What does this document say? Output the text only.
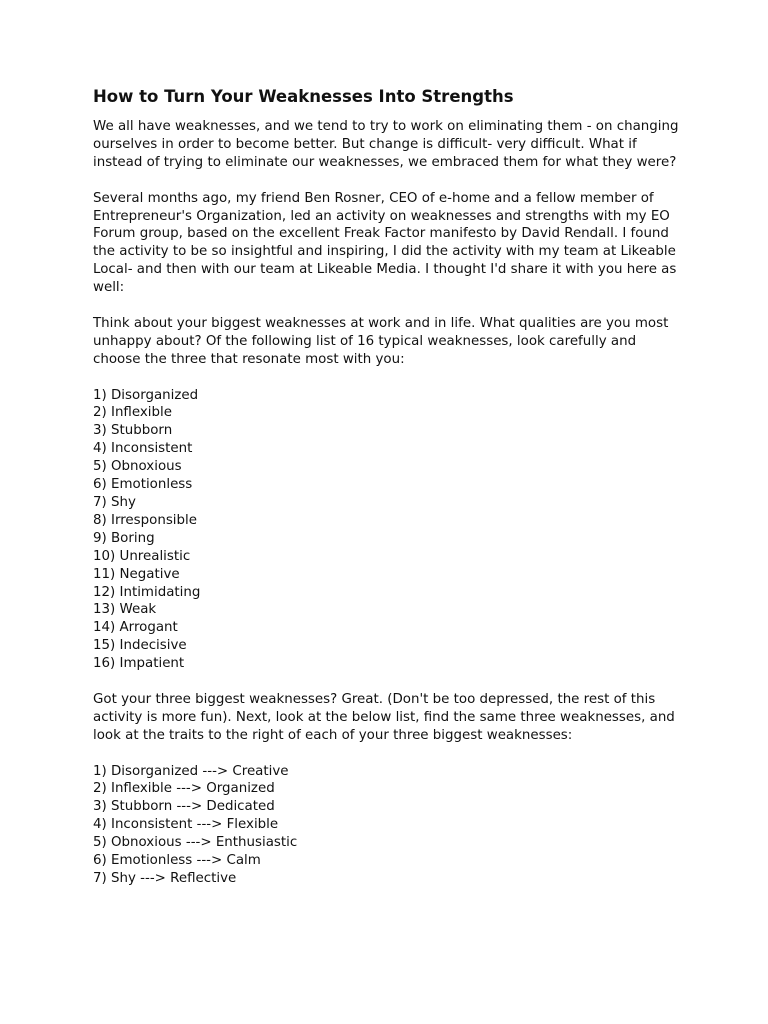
How to Turn Your Weaknesses Into Strengths

We all have weaknesses, and we tend to try to work on eliminating them - on changing ourselves in order to become better. But change is difficult- very difficult. What if instead of trying to eliminate our weaknesses, we embraced them for what they were?

Several months ago, my friend Ben Rosner, CEO of e-home and a fellow member of Entrepreneur's Organization, led an activity on weaknesses and strengths with my EO Forum group, based on the excellent Freak Factor manifesto by David Rendall. I found the activity to be so insightful and inspiring, I did the activity with my team at Likeable Local- and then with our team at Likeable Media. I thought I'd share it with you here as well:

Think about your biggest weaknesses at work and in life. What qualities are you most unhappy about? Of the following list of 16 typical weaknesses, look carefully and choose the three that resonate most with you:

1) Disorganized
2) Inflexible
3) Stubborn
4) Inconsistent
5) Obnoxious
6) Emotionless
7) Shy
8) Irresponsible
9) Boring
10) Unrealistic
11) Negative
12) Intimidating
13) Weak
14) Arrogant
15) Indecisive
16) Impatient

Got your three biggest weaknesses? Great. (Don't be too depressed, the rest of this activity is more fun). Next, look at the below list, find the same three weaknesses, and look at the traits to the right of each of your three biggest weaknesses:

1) Disorganized ---> Creative
2) Inflexible ---> Organized
3) Stubborn ---> Dedicated
4) Inconsistent ---> Flexible
5) Obnoxious ---> Enthusiastic
6) Emotionless ---> Calm
7) Shy ---> Reflective
